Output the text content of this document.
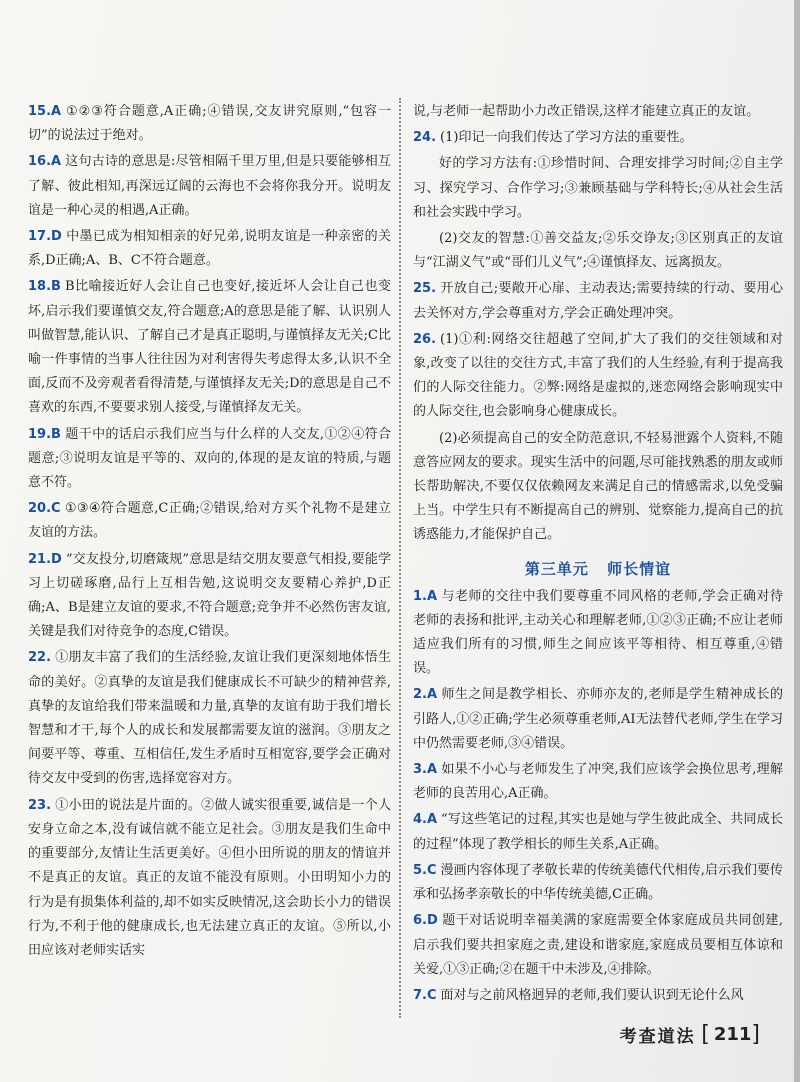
15.A ①②③符合题意,A正确;④错误,交友讲究原则,“包容一切”的说法过于绝对。
16.A 这句古诗的意思是:尽管相隔千里万里,但是只要能够相互了解、彼此相知,再深远辽阔的云海也不会将你我分开。说明友谊是一种心灵的相遇,A正确。
17.D 中墨已成为相知相亲的好兄弟,说明友谊是一种亲密的关系,D正确;A、B、C不符合题意。
18.B B比喻接近好人会让自己也变好,接近坏人会让自己也变坏,启示我们要谨慎交友,符合题意;A的意思是能了解、认识别人叫做智慧,能认识、了解自己才是真正聪明,与谨慎择友无关;C比喻一件事情的当事人往往因为对利害得失考虑得太多,认识不全面,反而不及旁观者看得清楚,与谨慎择友无关;D的意思是自己不喜欢的东西,不要要求别人接受,与谨慎择友无关。
19.B 题干中的话启示我们应当与什么样的人交友,①②④符合题意;③说明友谊是平等的、双向的,体现的是友谊的特质,与题意不符。
20.C ①③④符合题意,C正确;②错误,给对方买个礼物不是建立友谊的方法。
21.D “交友投分,切磨箴规”意思是结交朋友要意气相投,要能学习上切磋琢磨,品行上互相告勉,这说明交友要精心养护,D正确;A、B是建立友谊的要求,不符合题意;竞争并不必然伤害友谊,关键是我们对待竞争的态度,C错误。
22. ①朋友丰富了我们的生活经验,友谊让我们更深刻地体悟生命的美好。②真挚的友谊是我们健康成长不可缺少的精神营养,真挚的友谊给我们带来温暖和力量,真挚的友谊有助于我们增长智慧和才干,每个人的成长和发展都需要友谊的滋润。③朋友之间要平等、尊重、互相信任,发生矛盾时互相宽容,要学会正确对待交友中受到的伤害,选择宽容对方。
23. ①小田的说法是片面的。②做人诚实很重要,诚信是一个人安身立命之本,没有诚信就不能立足社会。③朋友是我们生命中的重要部分,友情让生活更美好。④但小田所说的朋友的情谊并不是真正的友谊。真正的友谊不能没有原则。小田明知小力的行为是有损集体利益的,却不如实反映情况,这会助长小力的错误行为,不利于他的健康成长,也无法建立真正的友谊。⑤所以,小田应该对老师实话实
说,与老师一起帮助小力改正错误,这样才能建立真正的友谊。
24. (1)印记一向我们传达了学习方法的重要性。
好的学习方法有:①珍惜时间、合理安排学习时间;②自主学习、探究学习、合作学习;③兼顾基础与学科特长;④从社会生活和社会实践中学习。
(2)交友的智慧:①善交益友;②乐交诤友;③区别真正的友谊与“江湖义气”或“哥们儿义气”;④谨慎择友、远离损友。
25. 开放自己;要敞开心扉、主动表达;需要持续的行动、要用心去关怀对方,学会尊重对方,学会正确处理冲突。
26. (1)①利:网络交往超越了空间,扩大了我们的交往领域和对象,改变了以往的交往方式,丰富了我们的人生经验,有利于提高我们的人际交往能力。②弊:网络是虚拟的,迷恋网络会影响现实中的人际交往,也会影响身心健康成长。
(2)必须提高自己的安全防范意识,不轻易泄露个人资料,不随意答应网友的要求。现实生活中的问题,尽可能找熟悉的朋友或师长帮助解决,不要仅仅依赖网友来满足自己的情感需求,以免受骗上当。中学生只有不断提高自己的辨别、觉察能力,提高自己的抗诱惑能力,才能保护自己。
第三单元 师长情谊
1.A 与老师的交往中我们要尊重不同风格的老师,学会正确对待老师的表扬和批评,主动关心和理解老师,①②③正确;不应让老师适应我们所有的习惯,师生之间应该平等相待、相互尊重,④错误。
2.A 师生之间是教学相长、亦师亦友的,老师是学生精神成长的引路人,①②正确;学生必须尊重老师,AI无法替代老师,学生在学习中仍然需要老师,③④错误。
3.A 如果不小心与老师发生了冲突,我们应该学会换位思考,理解老师的良苦用心,A正确。
4.A “写这些笔记的过程,其实也是她与学生彼此成全、共同成长的过程”体现了教学相长的师生关系,A正确。
5.C 漫画内容体现了孝敬长辈的传统美德代代相传,启示我们要传承和弘扬孝亲敬长的中华传统美德,C正确。
6.D 题干对话说明幸福美满的家庭需要全体家庭成员共同创建,启示我们要共担家庭之责,建设和谐家庭,家庭成员要相互体谅和关爱,①③正确;②在题干中未涉及,④排除。
7.C 面对与之前风格迥异的老师,我们要认识到无论什么风
考查道法 [ 211]
